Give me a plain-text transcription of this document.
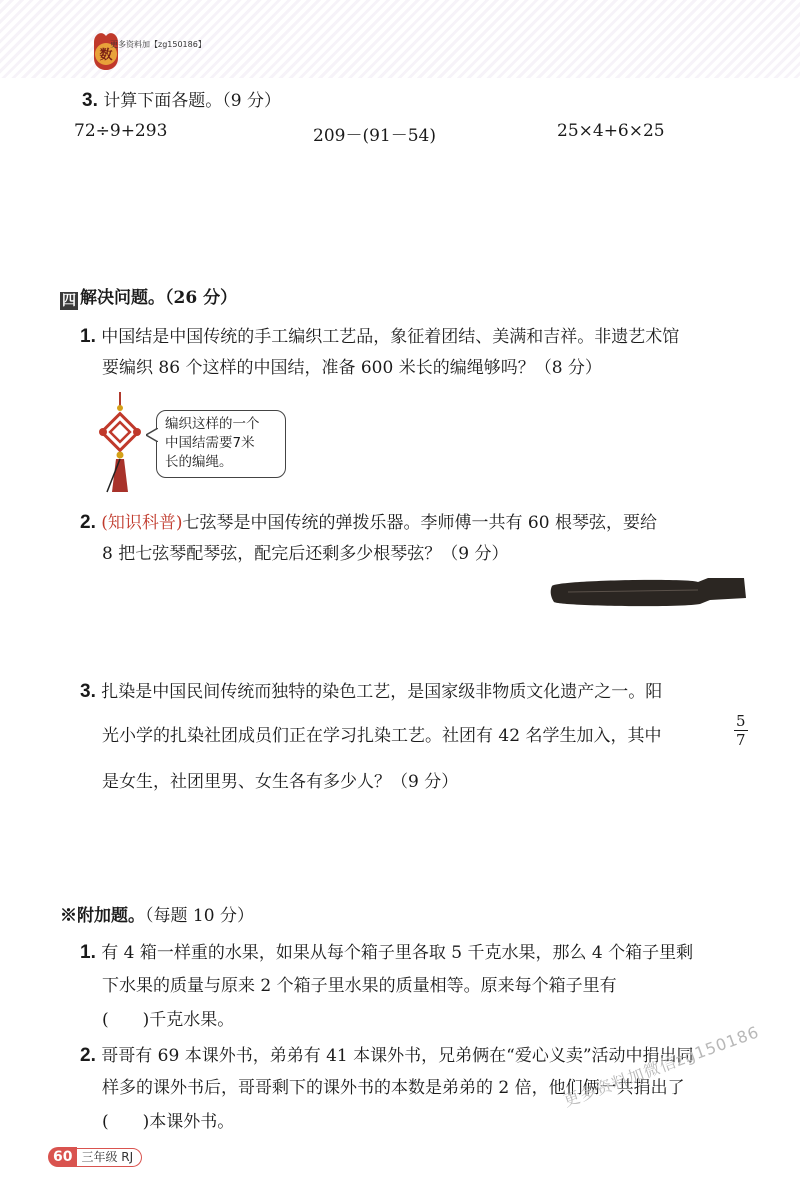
数
更多资料加【zg150186】
3. 计算下面各题。（9 分）
72÷9+293	209－(91－54)	25×4+6×25
四 解决问题。（26 分）
1. 中国结是中国传统的手工编织工艺品，象征着团结、美满和吉祥。非遗艺术馆
要编织 86 个这样的中国结，准备 600 米长的编绳够吗？（8 分）
编织这样的一个
中国结需要7米
长的编绳。
2. (知识科普)七弦琴是中国传统的弹拨乐器。李师傅一共有 60 根琴弦，要给
8 把七弦琴配琴弦，配完后还剩多少根琴弦？（9 分）
3. 扎染是中国民间传统而独特的染色工艺，是国家级非物质文化遗产之一。阳
光小学的扎染社团成员们正在学习扎染工艺。社团有 42 名学生加入，其中	$\frac{5}{7}$
是女生，社团里男、女生各有多少人？（9 分）
※附加题。（每题 10 分）
1. 有 4 箱一样重的水果，如果从每个箱子里各取 5 千克水果，那么 4 个箱子里剩
下水果的质量与原来 2 个箱子里水果的质量相等。原来每个箱子里有
(　　)千克水果。
2. 哥哥有 69 本课外书，弟弟有 41 本课外书，兄弟俩在“爱心义卖”活动中捐出同
样多的课外书后，哥哥剩下的课外书的本数是弟弟的 2 倍，他们俩一共捐出了
(　　)本课外书。
60 三年级 RJ
更多资料加微信zg150186
